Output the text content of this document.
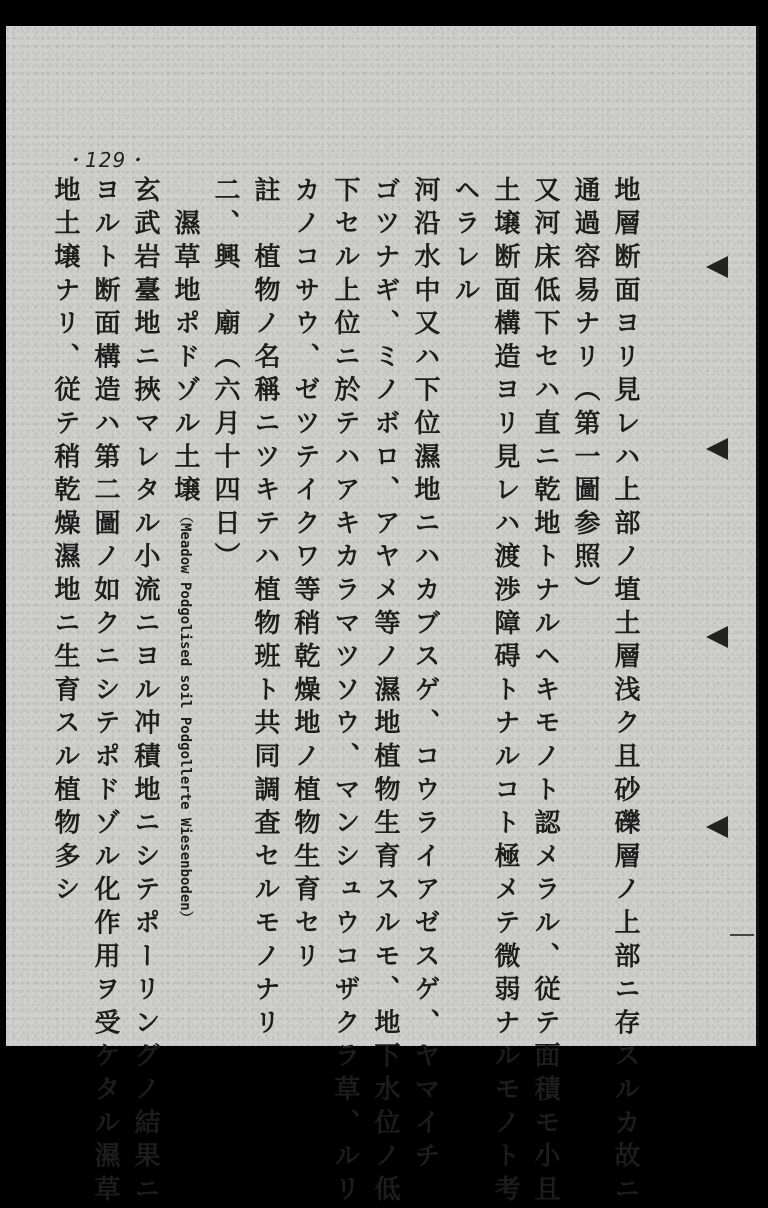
・129・
地層断面ヨリ見レハ上部ノ埴土層浅ク且砂礫層ノ上部ニ存スルカ故ニ
通過容易ナリ（第一圖参照）
又河床低下セハ直ニ乾地トナルヘキモノト認メラル、従テ面積モ小且
土壌断面構造ヨリ見レハ渡渉障碍トナルコト極メテ微弱ナルモノト考
ヘラレル
河沿水中又ハ下位濕地ニハカブスゲ、コウライアゼスゲ、ヤマイチ
ゴツナギ、ミノボロ、アヤメ等ノ濕地植物生育スルモ、地下水位ノ低
下セル上位ニ於テハアキカラマツソウ、マンシュウコザクラ草、ルリ
カノコサウ、ゼツテイクワ等稍乾燥地ノ植物生育セリ
註　植物ノ名稱ニツキテハ植物班ト共同調査セルモノナリ
二、興　廟（六月十四日）
　濕草地ポドゾル土壌（Meadow Podgolised soil Podgollerte Wiesenboden）
玄武岩臺地ニ挾マレタル小流ニヨル冲積地ニシテポーリングノ結果ニ
ヨルト断面構造ハ第二圖ノ如クニシテポドゾル化作用ヲ受ケタル濕草
地土壌ナリ、従テ稍乾燥濕地ニ生育スル植物多シ
